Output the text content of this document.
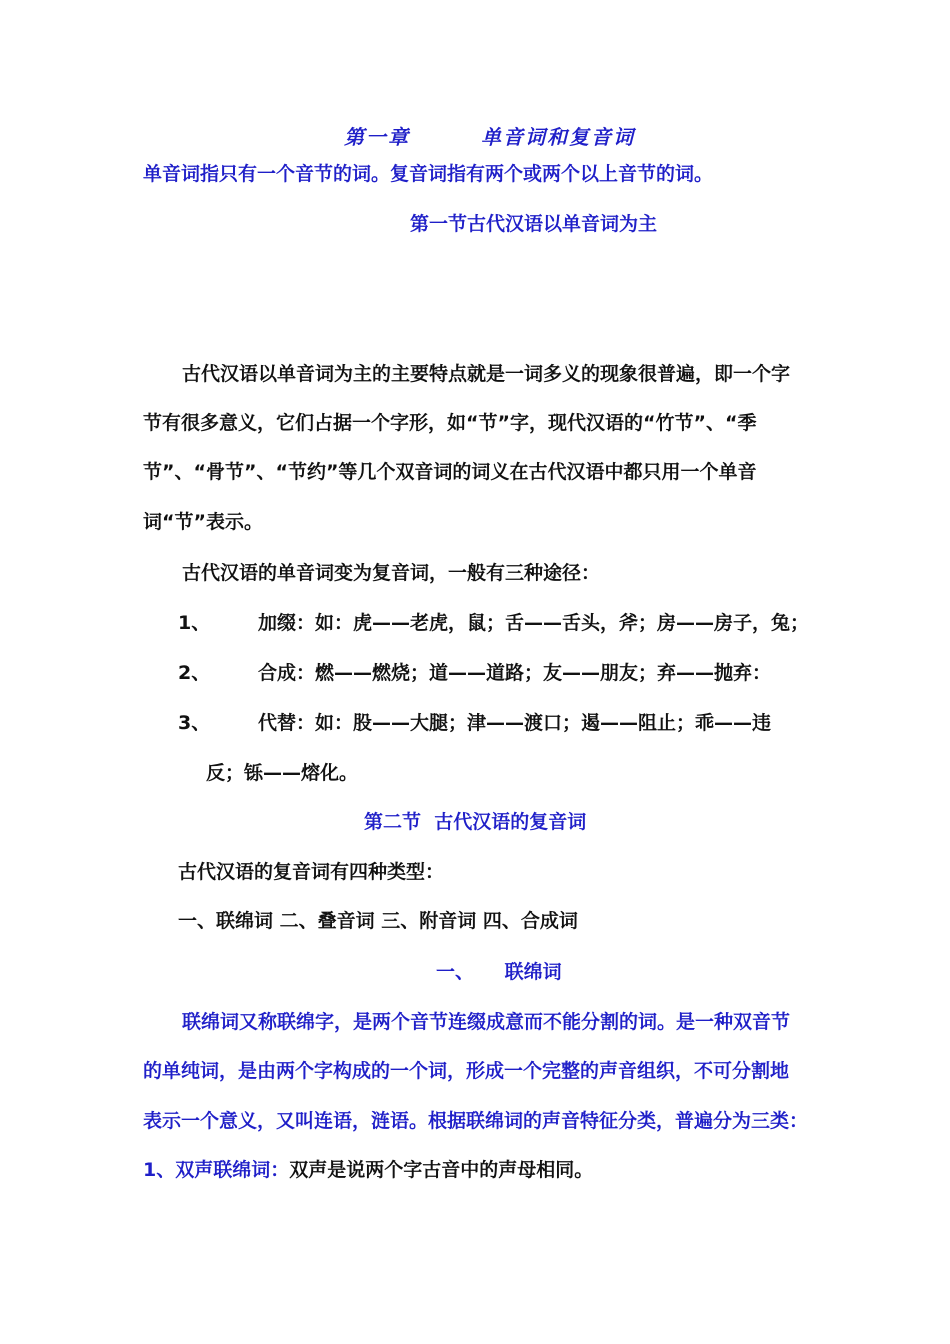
第一章	单音词和复音词
单音词指只有一个音节的词。复音词指有两个或两个以上音节的词。
第一节古代汉语以单音词为主
古代汉语以单音词为主的主要特点就是一词多义的现象很普遍，即一个字
节有很多意义，它们占据一个字形，如“节”字，现代汉语的“竹节”、“季
节”、“骨节”、“节约”等几个双音词的词义在古代汉语中都只用一个单音
词“节”表示。
古代汉语的单音词变为复音词，一般有三种途径：
1、	加缀：如：虎——老虎，鼠；舌——舌头，斧；房——房子，兔；
2、	合成：燃——燃烧；道——道路；友——朋友；弃——抛弃：
3、	代替：如：股——大腿；津——渡口；遏——阻止；乖——违
反；铄——熔化。
第二节  古代汉语的复音词
古代汉语的复音词有四种类型：
一、联绵词 二、叠音词 三、附音词 四、合成词
一、 联绵词
联绵词又称联绵字，是两个音节连缀成意而不能分割的词。是一种双音节
的单纯词，是由两个字构成的一个词，形成一个完整的声音组织，不可分割地
表示一个意义，又叫连语，涟语。根据联绵词的声音特征分类，普遍分为三类：
1、双声联绵词：双声是说两个字古音中的声母相同。
